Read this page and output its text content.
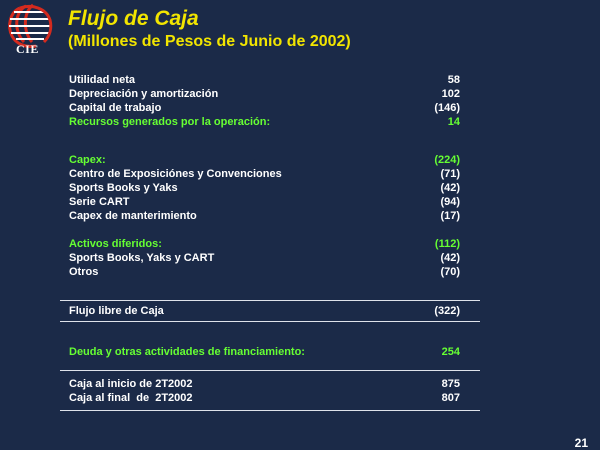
CIE
Flujo de Caja
(Millones de Pesos de Junio de 2002)
Utilidad neta	58
Depreciación y amortización	102
Capital de trabajo	(146)
Recursos generados por la operación:	14
Capex:	(224)
Centro de Exposiciónes y Convenciones	(71)
Sports Books y Yaks	(42)
Serie CART	(94)
Capex de manterimiento	(17)
Activos diferidos:	(112)
Sports Books, Yaks y CART	(42)
Otros	(70)
Flujo libre de Caja	(322)
Deuda y otras actividades de financiamiento:	254
Caja al inicio de 2T2002	875
Caja al final  de  2T2002	807
21
